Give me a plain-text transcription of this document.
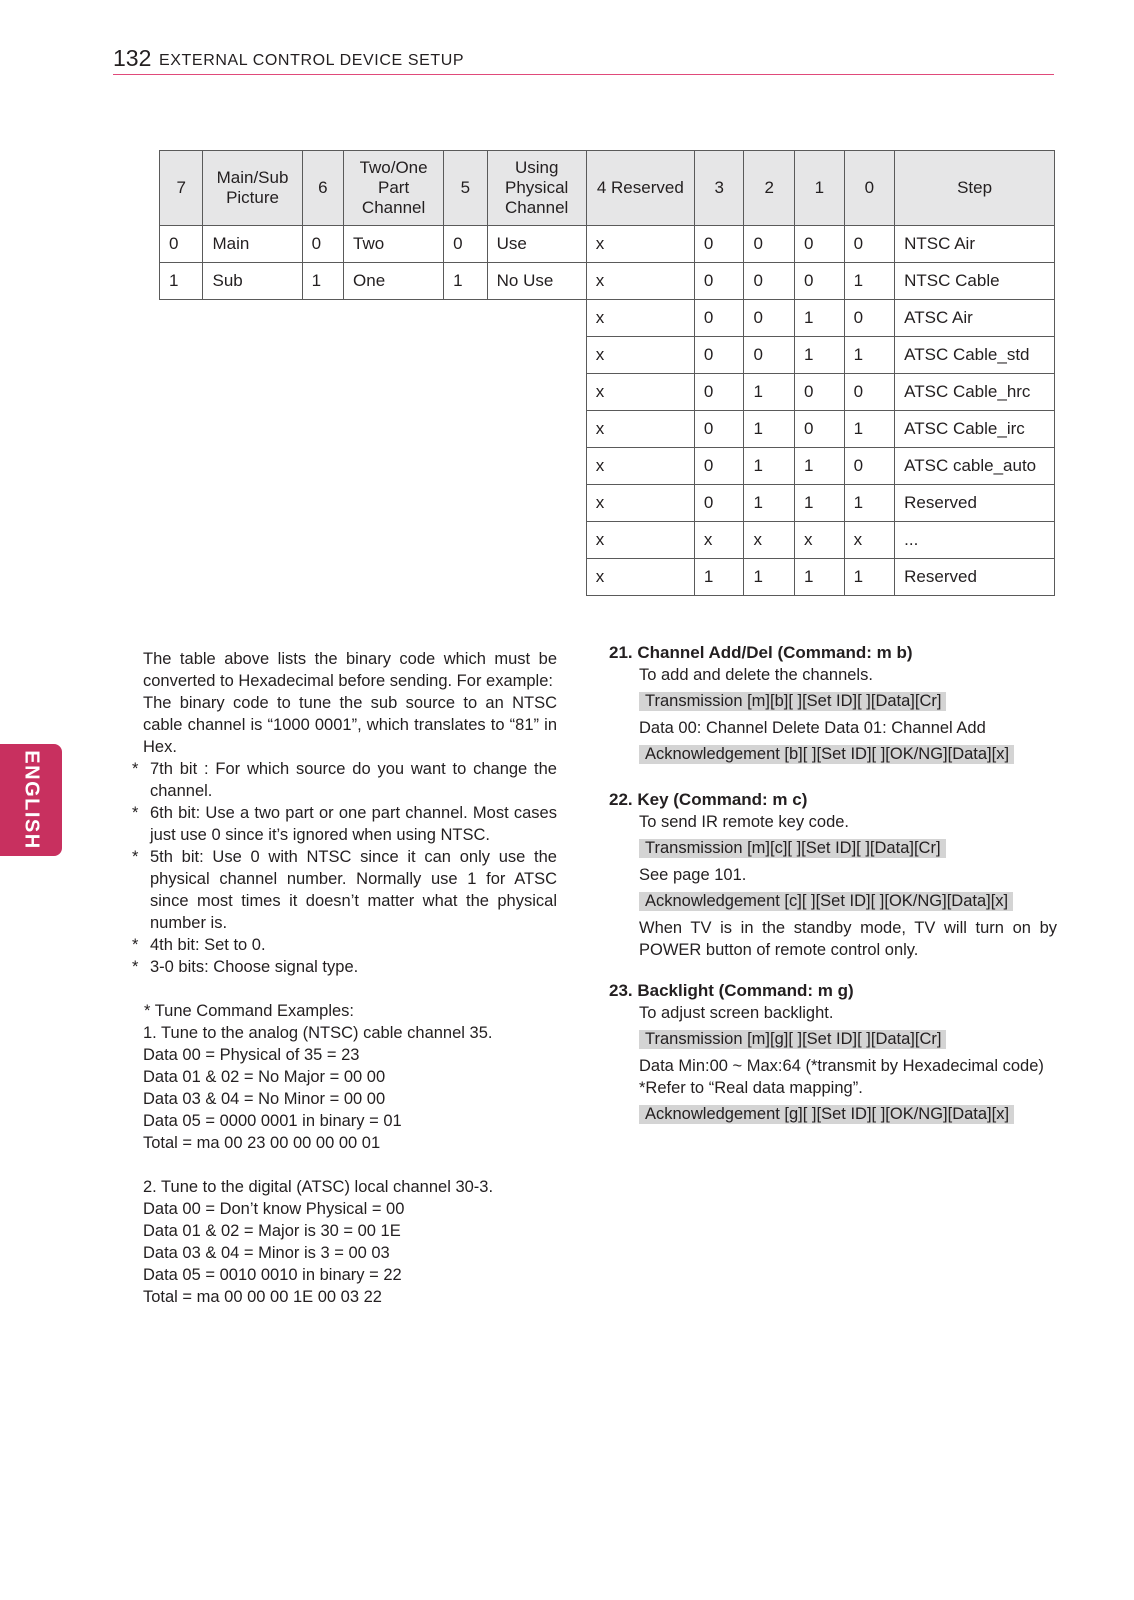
132 EXTERNAL CONTROL DEVICE SETUP
ENGLISH
7	Main/Sub Picture	6	Two/One Part Channel	5	Using Physical Channel	4 Reserved	3	2	1	0	Step
0	Main	0	Two	0	Use	x	0	0	0	0	NTSC Air
1	Sub	1	One	1	No Use	x	0	0	0	1	NTSC Cable
						x	0	0	1	0	ATSC Air
						x	0	0	1	1	ATSC Cable_std
						x	0	1	0	0	ATSC Cable_hrc
						x	0	1	0	1	ATSC Cable_irc
						x	0	1	1	0	ATSC cable_auto
						x	0	1	1	1	Reserved
						x	x	x	x	x	...
						x	1	1	1	1	Reserved
The table above lists the binary code which must be converted to Hexadecimal before sending. For example:
The binary code to tune the sub source to an NTSC cable channel is “1000 0001”, which translates to “81” in Hex.
* 7th bit : For which source do you want to change the channel.
* 6th bit: Use a two part or one part channel. Most cases just use 0 since it’s ignored when using NTSC.
* 5th bit: Use 0 with NTSC since it can only use the physical channel number. Normally use 1 for ATSC since most times it doesn’t matter what the physical number is.
* 4th bit: Set to 0.
* 3-0 bits: Choose signal type.
* Tune Command Examples:
1. Tune to the analog (NTSC) cable channel 35.
Data 00 = Physical of 35 = 23
Data 01 & 02 = No Major = 00 00
Data 03 & 04 = No Minor = 00 00
Data 05 = 0000 0001 in binary = 01
Total = ma 00 23 00 00 00 00 01
2. Tune to the digital (ATSC) local channel 30-3.
Data 00 = Don’t know Physical = 00
Data 01 & 02 = Major is 30 = 00 1E
Data 03 & 04 = Minor is 3 = 00 03
Data 05 = 0010 0010 in binary = 22
Total = ma 00 00 00 1E 00 03 22
21. Channel Add/Del (Command: m b)
To add and delete the channels.
Transmission [m][b][ ][Set ID][ ][Data][Cr]
Data 00: Channel Delete Data 01: Channel Add
Acknowledgement [b][ ][Set ID][ ][OK/NG][Data][x]
22. Key (Command: m c)
To send IR remote key code.
Transmission [m][c][ ][Set ID][ ][Data][Cr]
See page 101.
Acknowledgement [c][ ][Set ID][ ][OK/NG][Data][x]
When TV is in the standby mode, TV will turn on by POWER button of remote control only.
23. Backlight (Command: m g)
To adjust screen backlight.
Transmission [m][g][ ][Set ID][ ][Data][Cr]
Data Min:00 ~ Max:64 (*transmit by Hexadecimal code)
*Refer to “Real data mapping”.
Acknowledgement [g][ ][Set ID][ ][OK/NG][Data][x]
